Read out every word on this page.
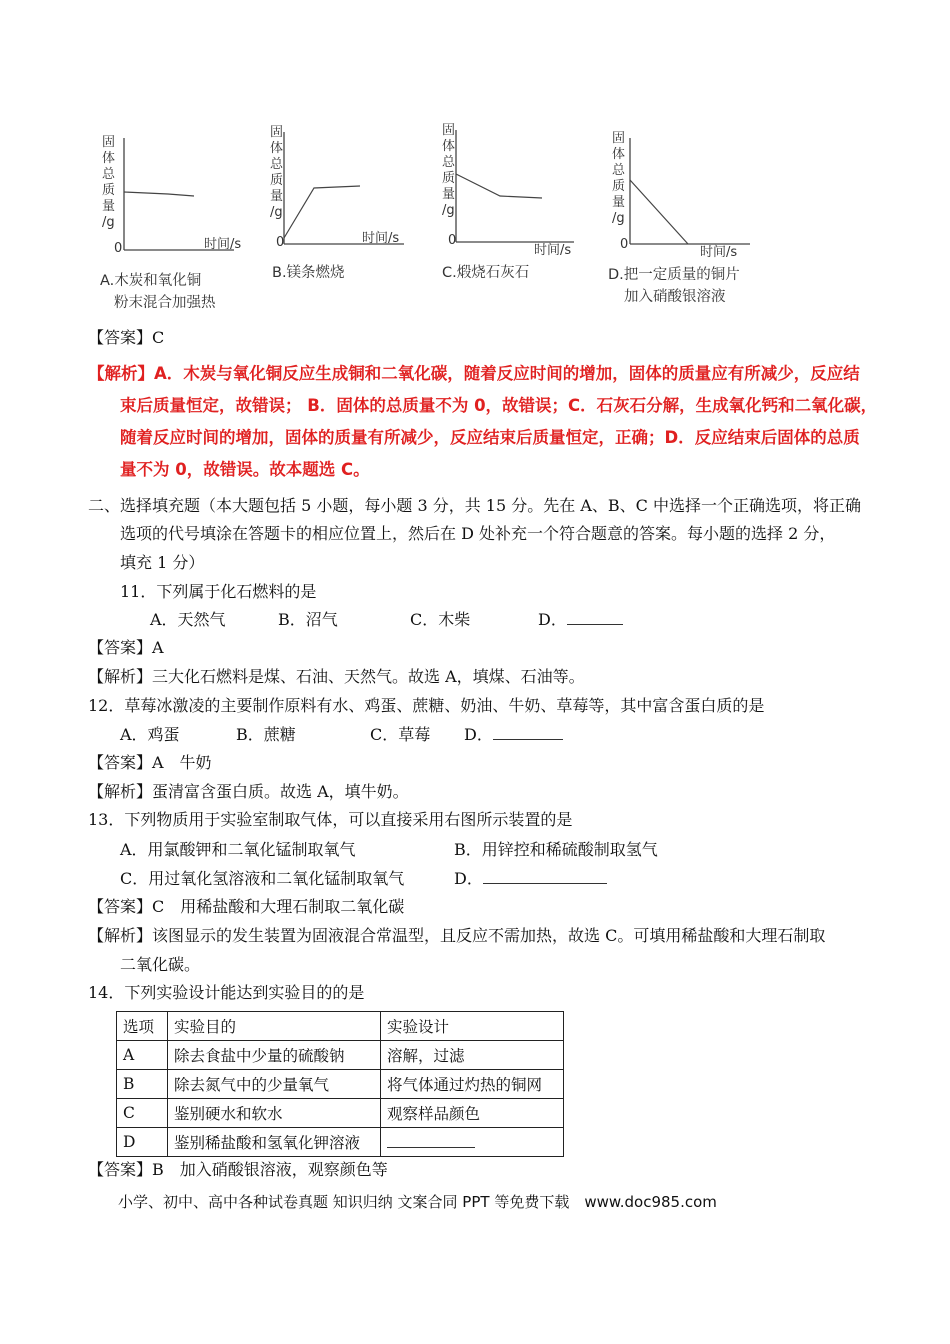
0	时间/s
固
体
总
质
量
/g
A.木炭和氧化铜
粉末混合加强热
0	时间/s
固
体
总
质
量
/g
B.镁条燃烧
0
时间/s
固
体
总
质
量
/g
C.煅烧石灰石
0
时间/s
固
体
总
质
量
/g
D.把一定质量的铜片
加入硝酸银溶液
【答案】C
【解析】A．木炭与氧化铜反应生成铜和二氧化碳，随着反应时间的增加，固体的质量应有所减少，反应结
束后质量恒定，故错误； B．固体的总质量不为 0，故错误；C．石灰石分解，生成氧化钙和二氧化碳，
随着反应时间的增加，固体的质量有所减少，反应结束后质量恒定，正确；D．反应结束后固体的总质
量不为 0，故错误。故本题选 C。
二、选择填充题（本大题包括 5 小题，每小题 3 分，共 15 分。先在 A、B、C 中选择一个正确选项，将正确
选项的代号填涂在答题卡的相应位置上，然后在 D 处补充一个符合题意的答案。每小题的选择 2 分，
填充 1 分）
11．下列属于化石燃料的是
A．天然气	B．沼气	C．木柴	D．
【答案】A
【解析】三大化石燃料是煤、石油、天然气。故选 A，填煤、石油等。
12．草莓冰激凌的主要制作原料有水、鸡蛋、蔗糖、奶油、牛奶、草莓等，其中富含蛋白质的是
A．鸡蛋	B．蔗糖	C．草莓 D．
【答案】A　牛奶
【解析】蛋清富含蛋白质。故选 A，填牛奶。
13．下列物质用于实验室制取气体，可以直接采用右图所示装置的是
A．用氯酸钾和二氧化锰制取氧气	B．用锌控和稀硫酸制取氢气
C．用过氧化氢溶液和二氧化锰制取氧气	D．
【答案】C　用稀盐酸和大理石制取二氧化碳
【解析】该图显示的发生装置为固液混合常温型，且反应不需加热，故选 C。可填用稀盐酸和大理石制取
二氧化碳。
14．下列实验设计能达到实验目的的是
选项	实验目的	实验设计
A	除去食盐中少量的硫酸钠	溶解，过滤
B	除去氮气中的少量氧气	将气体通过灼热的铜网
C	鉴别硬水和软水	观察样品颜色
D	鉴别稀盐酸和氢氧化钾溶液	
【答案】B　加入硝酸银溶液，观察颜色等
小学、初中、高中各种试卷真题 知识归纳 文案合同 PPT 等免费下载　www.doc985.com
